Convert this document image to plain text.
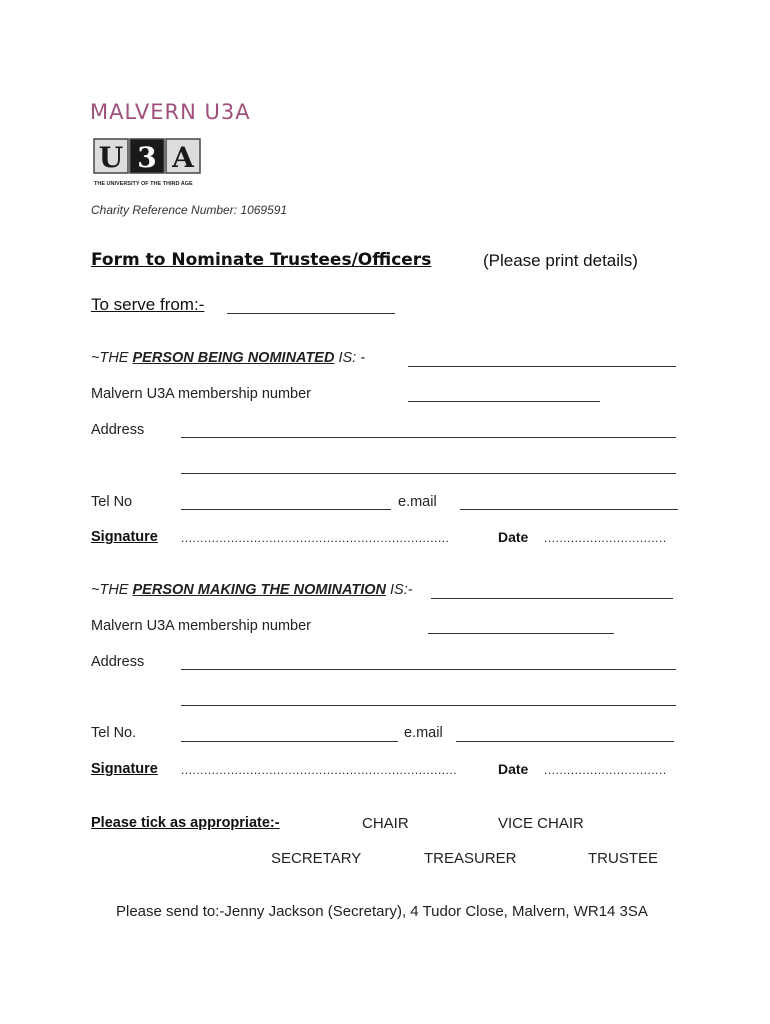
MALVERN U3A
U 3 A
THE UNIVERSITY OF THE THIRD AGE
Charity Reference Number: 1069591
Form to Nominate Trustees/Officers	(Please print details)
To serve from:-
~THE PERSON BEING NOMINATED IS: -
Malvern U3A membership number
Address
Tel No	e.mail
Signature ......................................................................	Date ................................
~THE PERSON MAKING THE NOMINATION IS:-
Malvern U3A membership number
Address
Tel No.	e.mail
Signature ........................................................................	Date ................................
Please tick as appropriate:-	CHAIR	VICE CHAIR
SECRETARY	TREASURER	TRUSTEE
Please send to:-Jenny Jackson (Secretary), 4 Tudor Close, Malvern, WR14 3SA
